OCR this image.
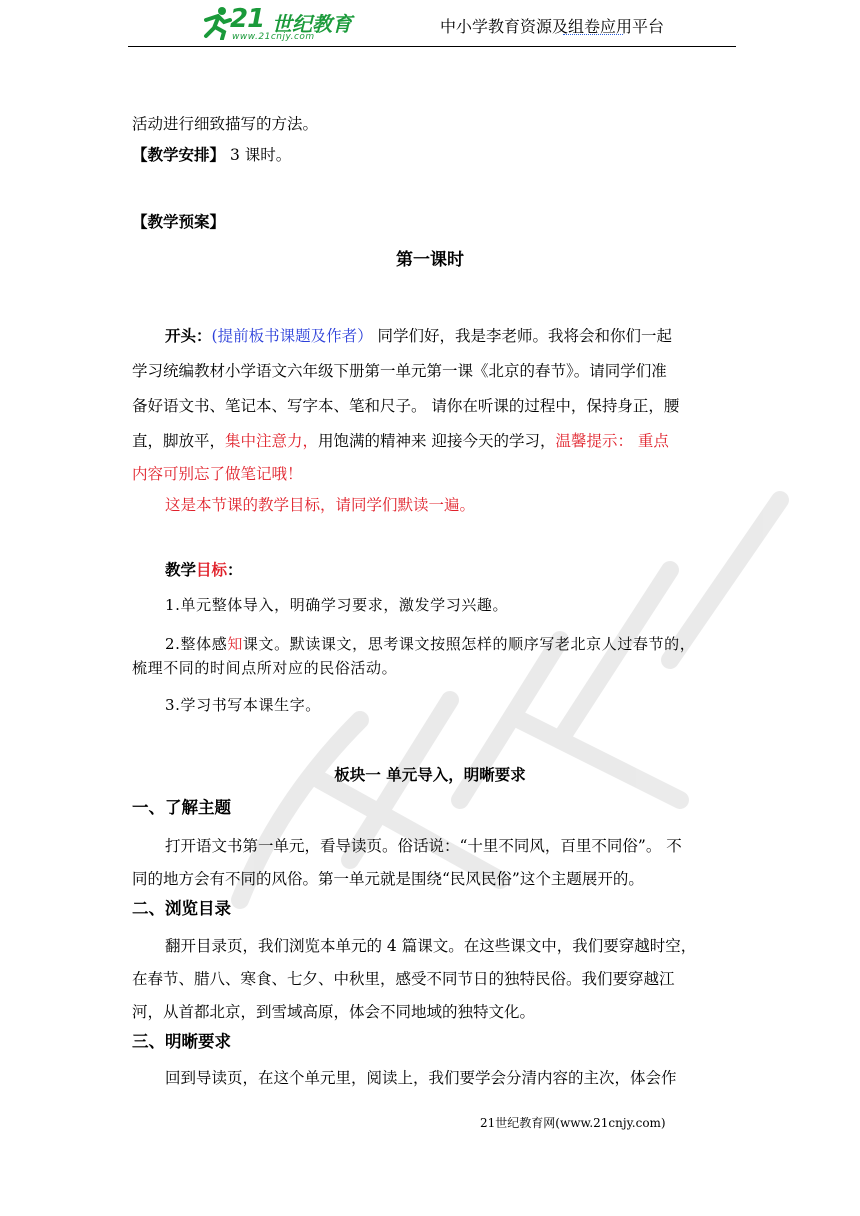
21 世纪教育
www.21cnjy.com
中小学教育资源及组卷应用平台
活动进行细致描写的方法。
【教学安排】 3 课时。
【教学预案】
第一课时
开头：(提前板书课题及作者） 同学们好，我是李老师。我将会和你们一起
学习统编教材小学语文六年级下册第一单元第一课《北京的春节》。请同学们准
备好语文书、笔记本、写字本、笔和尺子。 请你在听课的过程中，保持身正，腰
直，脚放平，集中注意力，用饱满的精神来 迎接今天的学习，温馨提示： 重点
内容可别忘了做笔记哦！
这是本节课的教学目标，请同学们默读一遍。
教学目标：
1.单元整体导入，明确学习要求，激发学习兴趣。
2.整体感知课文。默读课文，思考课文按照怎样的顺序写老北京人过春节的，
梳理不同的时间点所对应的民俗活动。
3.学习书写本课生字。
板块一 单元导入，明晰要求
一、了解主题
打开语文书第一单元，看导读页。俗话说：“十里不同风，百里不同俗”。 不
同的地方会有不同的风俗。第一单元就是围绕“民风民俗”这个主题展开的。
二、浏览目录
翻开目录页，我们浏览本单元的 4 篇课文。在这些课文中，我们要穿越时空，
在春节、腊八、寒食、七夕、中秋里，感受不同节日的独特民俗。我们要穿越江
河，从首都北京，到雪域高原，体会不同地域的独特文化。
三、明晰要求
回到导读页，在这个单元里，阅读上，我们要学会分清内容的主次，体会作
21世纪教育网(www.21cnjy.com)
